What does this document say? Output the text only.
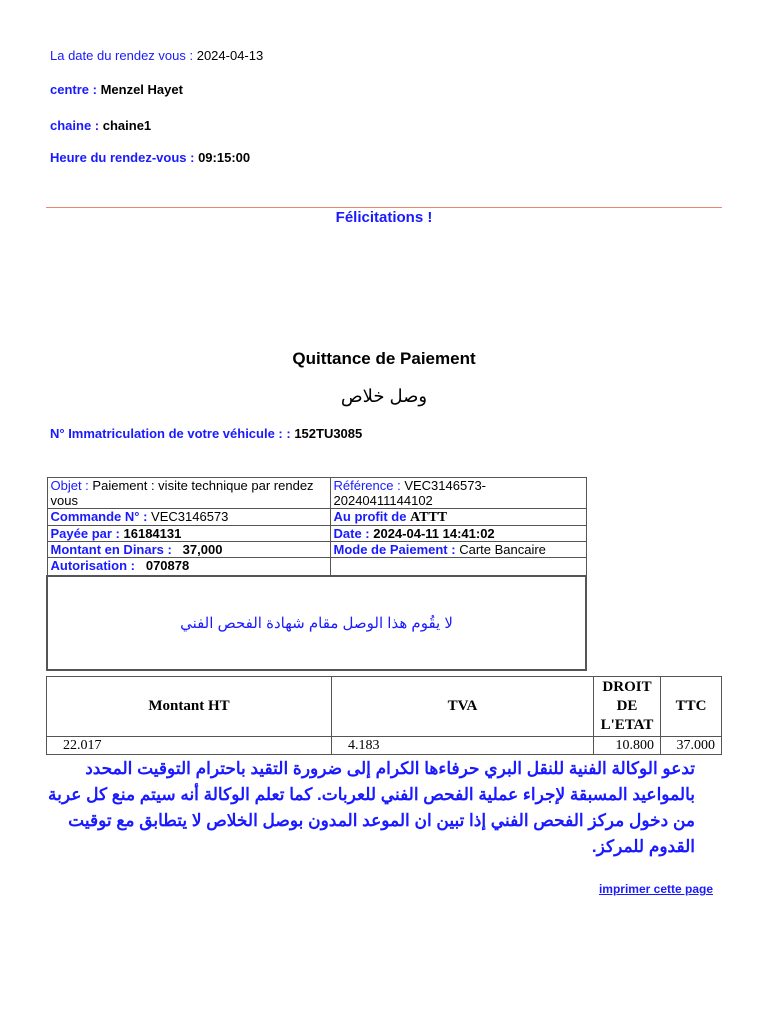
La date du rendez vous : 2024-04-13
centre : Menzel Hayet
chaine : chaine1
Heure du rendez-vous : 09:15:00
Félicitations !
Quittance de Paiement
وصل خلاص
N° Immatriculation de votre véhicule : : 152TU3085
Objet : Paiement : visite technique par rendez vous	Référence : VEC3146573-20240411144102
Commande N° : VEC3146573	Au profit de ATTT
Payée par : 16184131	Date : 2024-04-11 14:41:02
Montant en Dinars :   37,000	Mode de Paiement : Carte Bancaire
Autorisation :   070878	
لا يقُوم هذا الوصل مقام شهادة الفحص الفني	
Montant HT	TVA	DROIT DE L'ETAT	TTC
22.017	4.183	10.800	37.000
تدعو الوكالة الفنية للنقل البري حرفاءها الكرام إلى ضرورة التقيد باحترام التوقيت المحدد بالمواعيد المسبقة لإجراء عملية الفحص الفني للعربات. كما تعلم الوكالة أنه سيتم منع كل عربة من دخول مركز الفحص الفني إذا تبين ان الموعد المدون بوصل الخلاص لا يتطابق مع توقيت القدوم للمركز.
imprimer cette page
